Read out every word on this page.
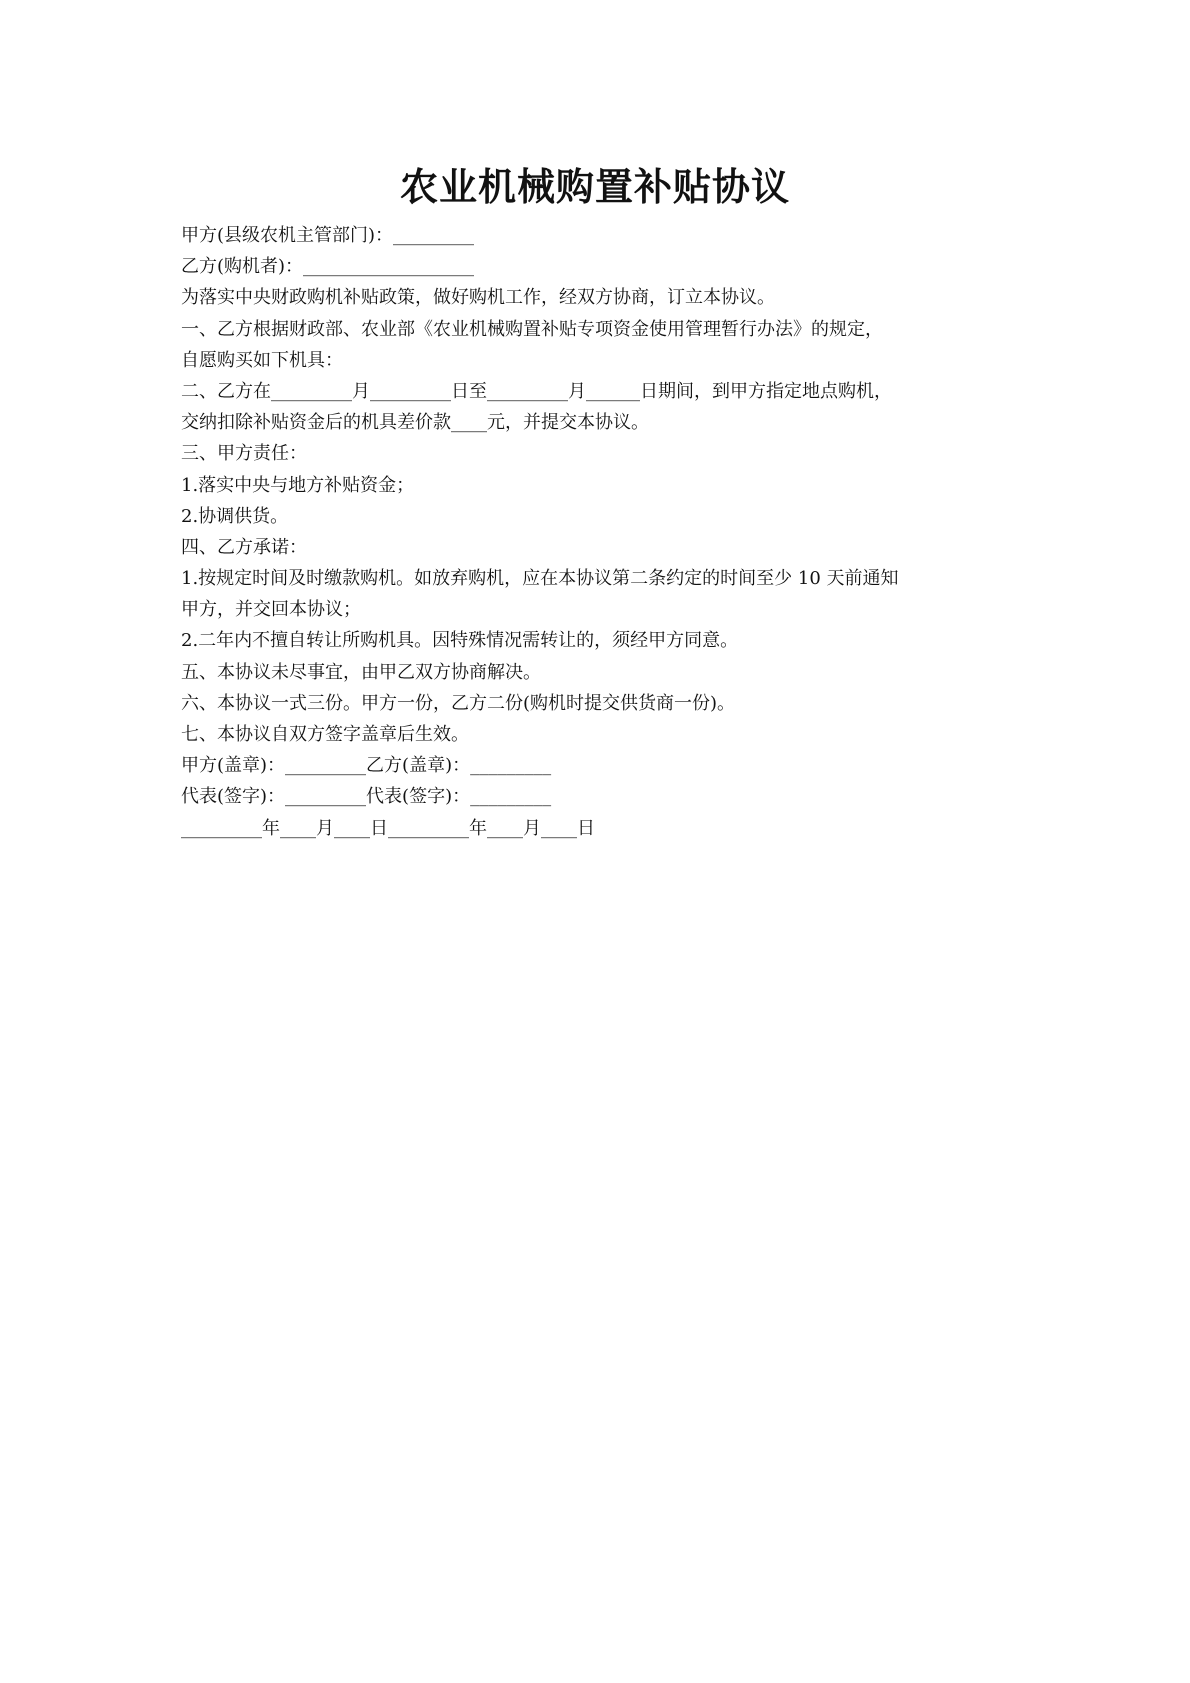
农业机械购置补贴协议
甲方(县级农机主管部门)：_________
乙方(购机者)：___________________
为落实中央财政购机补贴政策，做好购机工作，经双方协商，订立本协议。
一、乙方根据财政部、农业部《农业机械购置补贴专项资金使用管理暂行办法》的规定，
自愿购买如下机具：
二、乙方在_________月_________日至_________月______日期间，到甲方指定地点购机，
交纳扣除补贴资金后的机具差价款____元，并提交本协议。
三、甲方责任：
1.落实中央与地方补贴资金；
2.协调供货。
四、乙方承诺：
1.按规定时间及时缴款购机。如放弃购机，应在本协议第二条约定的时间至少 10 天前通知
甲方，并交回本协议；
2.二年内不擅自转让所购机具。因特殊情况需转让的，须经甲方同意。
五、本协议未尽事宜，由甲乙双方协商解决。
六、本协议一式三份。甲方一份，乙方二份(购机时提交供货商一份)。
七、本协议自双方签字盖章后生效。
甲方(盖章)：_________乙方(盖章)：_________
代表(签字)：_________代表(签字)：_________
_________年____月____日_________年____月____日
